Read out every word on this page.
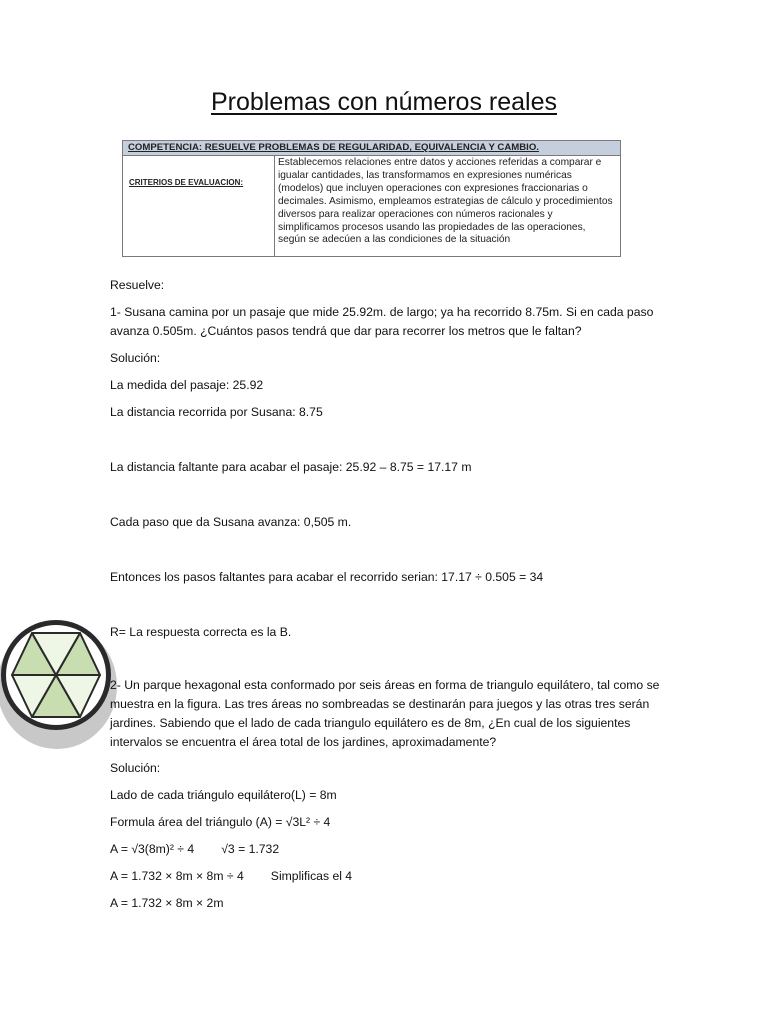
Problemas con números reales
COMPETENCIA: RESUELVE PROBLEMAS DE REGULARIDAD, EQUIVALENCIA Y CAMBIO.
CRITERIOS DE EVALUACION:
Establecemos relaciones entre datos y acciones referidas a comparar e igualar cantidades, las transformamos en expresiones numéricas (modelos) que incluyen operaciones con expresiones fraccionarias o decimales. Asimismo, empleamos estrategias de cálculo y procedimientos diversos para realizar operaciones con números racionales y simplificamos procesos usando las propiedades de las operaciones, según se adecúen a las condiciones de la situación

Resuelve:

1- Susana camina por un pasaje que mide 25.92m. de largo; ya ha recorrido 8.75m. Si en cada paso avanza 0.505m. ¿Cuántos pasos tendrá que dar para recorrer los metros que le faltan?

Solución:

La medida del pasaje: 25.92

La distancia recorrida por Susana: 8.75

La distancia faltante para acabar el pasaje: 25.92 – 8.75 = 17.17 m

Cada paso que da Susana avanza: 0,505 m.

Entonces los pasos faltantes para acabar el recorrido serian: 17.17 ÷ 0.505 = 34

R= La respuesta correcta es la B.

2- Un parque hexagonal esta conformado por seis áreas en forma de triangulo equilátero, tal como se muestra en la figura. Las tres áreas no sombreadas se destinarán para juegos y las otras tres serán jardines. Sabiendo que el lado de cada triangulo equilátero es de 8m, ¿En cual de los siguientes intervalos se encuentra el área total de los jardines, aproximadamente?

Solución:

Lado de cada triángulo equilátero(L) = 8m

Formula área del triángulo (A) = √3L² ÷ 4

A = √3(8m)² ÷ 4        √3 = 1.732

A = 1.732 × 8m × 8m ÷ 4        Simplificas el 4

A = 1.732 × 8m × 2m
